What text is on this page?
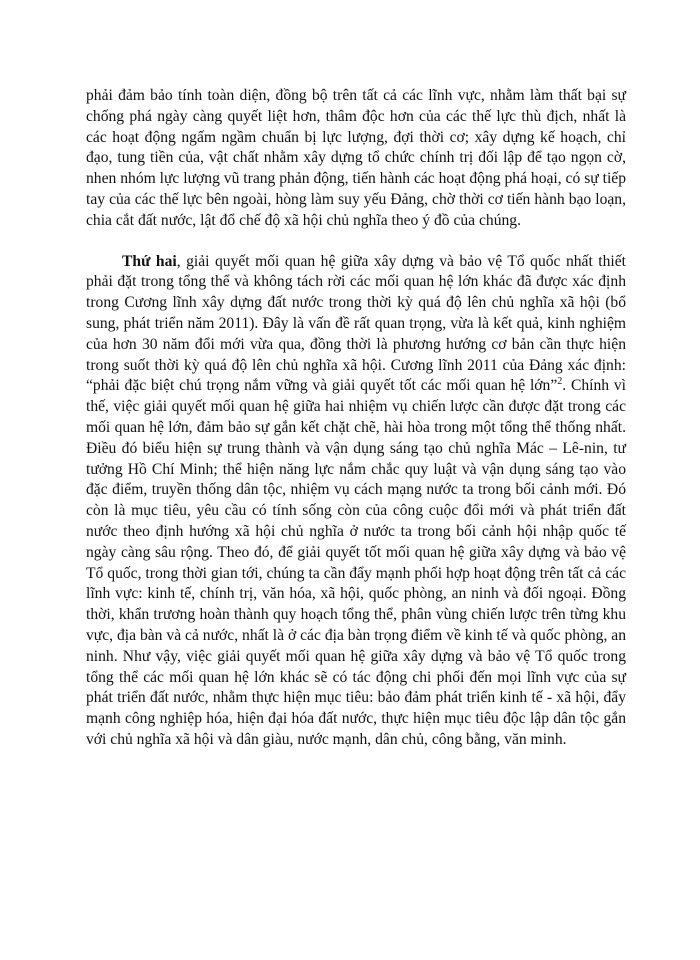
phải đảm bảo tính toàn diện, đồng bộ trên tất cả các lĩnh vực, nhằm làm thất bại sự chống phá ngày càng quyết liệt hơn, thâm độc hơn của các thế lực thù địch, nhất là các hoạt động ngấm ngầm chuẩn bị lực lượng, đợi thời cơ; xây dựng kế hoạch, chỉ đạo, tung tiền của, vật chất nhằm xây dựng tổ chức chính trị đối lập để tạo ngọn cờ, nhen nhóm lực lượng vũ trang phản động, tiến hành các hoạt động phá hoại, có sự tiếp tay của các thế lực bên ngoài, hòng làm suy yếu Đảng, chờ thời cơ tiến hành bạo loạn, chia cắt đất nước, lật đổ chế độ xã hội chủ nghĩa theo ý đồ của chúng.

Thứ hai, giải quyết mối quan hệ giữa xây dựng và bảo vệ Tổ quốc nhất thiết phải đặt trong tổng thể và không tách rời các mối quan hệ lớn khác đã được xác định trong Cương lĩnh xây dựng đất nước trong thời kỳ quá độ lên chủ nghĩa xã hội (bổ sung, phát triển năm 2011). Đây là vấn đề rất quan trọng, vừa là kết quả, kinh nghiệm của hơn 30 năm đổi mới vừa qua, đồng thời là phương hướng cơ bản cần thực hiện trong suốt thời kỳ quá độ lên chủ nghĩa xã hội. Cương lĩnh 2011 của Đảng xác định: “phải đặc biệt chú trọng nắm vững và giải quyết tốt các mối quan hệ lớn”$^2$. Chính vì thế, việc giải quyết mối quan hệ giữa hai nhiệm vụ chiến lược cần được đặt trong các mối quan hệ lớn, đảm bảo sự gắn kết chặt chẽ, hài hòa trong một tổng thể thống nhất. Điều đó biểu hiện sự trung thành và vận dụng sáng tạo chủ nghĩa Mác – Lê-nin, tư tưởng Hồ Chí Minh; thể hiện năng lực nắm chắc quy luật và vận dụng sáng tạo vào đặc điểm, truyền thống dân tộc, nhiệm vụ cách mạng nước ta trong bối cảnh mới. Đó còn là mục tiêu, yêu cầu có tính sống còn của công cuộc đổi mới và phát triển đất nước theo định hướng xã hội chủ nghĩa ở nước ta trong bối cảnh hội nhập quốc tế ngày càng sâu rộng. Theo đó, để giải quyết tốt mối quan hệ giữa xây dựng và bảo vệ Tổ quốc, trong thời gian tới, chúng ta cần đẩy mạnh phối hợp hoạt động trên tất cả các lĩnh vực: kinh tế, chính trị, văn hóa, xã hội, quốc phòng, an ninh và đối ngoại. Đồng thời, khẩn trương hoàn thành quy hoạch tổng thể, phân vùng chiến lược trên từng khu vực, địa bàn và cả nước, nhất là ở các địa bàn trọng điểm về kinh tế và quốc phòng, an ninh. Như vậy, việc giải quyết mối quan hệ giữa xây dựng và bảo vệ Tổ quốc trong tổng thể các mối quan hệ lớn khác sẽ có tác động chi phối đến mọi lĩnh vực của sự phát triển đất nước, nhằm thực hiện mục tiêu: bảo đảm phát triển kinh tế - xã hội, đẩy mạnh công nghiệp hóa, hiện đại hóa đất nước, thực hiện mục tiêu độc lập dân tộc gắn với chủ nghĩa xã hội và dân giàu, nước mạnh, dân chủ, công bằng, văn minh.
